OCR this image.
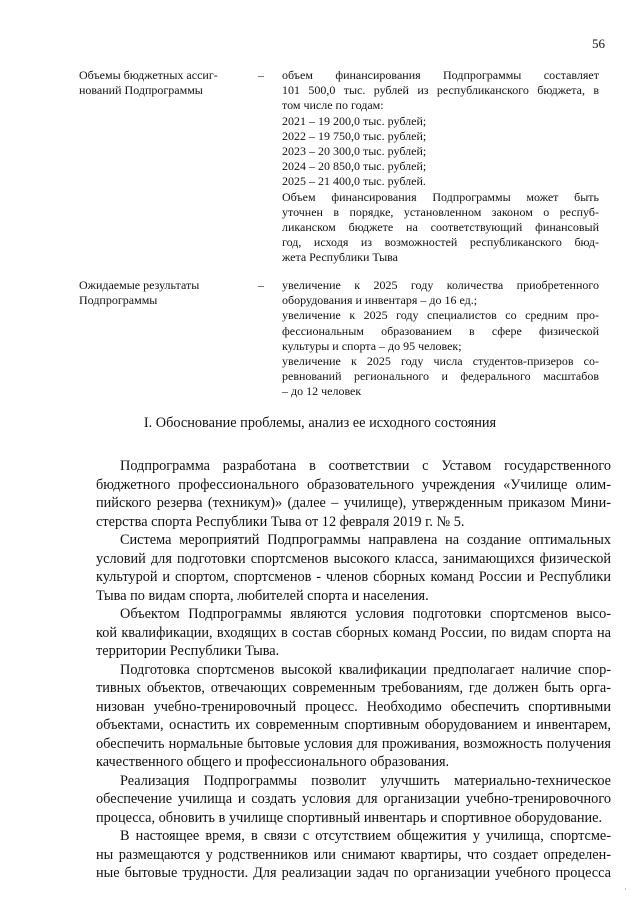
56
Объемы бюджетных ассиг-
нований Подпрограммы
– объем финансирования Подпрограммы составляет
101 500,0 тыс. рублей из республиканского бюджета, в
том числе по годам:
2021 – 19 200,0 тыс. рублей;
2022 – 19 750,0 тыс. рублей;
2023 – 20 300,0 тыс. рублей;
2024 – 20 850,0 тыс. рублей;
2025 – 21 400,0 тыс. рублей.
Объем финансирования Подпрограммы может быть
уточнен в порядке, установленном законом о респуб-
ликанском бюджете на соответствующий финансовый
год, исходя из возможностей республиканского бюд-
жета Республики Тыва
Ожидаемые результаты
Подпрограммы
– увеличение к 2025 году количества приобретенного
оборудования и инвентаря – до 16 ед.;
увеличение к 2025 году специалистов со средним про-
фессиональным образованием в сфере физической
культуры и спорта – до 95 человек;
увеличение к 2025 году числа студентов-призеров со-
ревнований регионального и федерального масштабов
– до 12 человек
I. Обоснование проблемы, анализ ее исходного состояния
Подпрограмма разработана в соответствии с Уставом государственного
бюджетного профессионального образовательного учреждения «Училище олим-
пийского резерва (техникум)» (далее – училище), утвержденным приказом Мини-
стерства спорта Республики Тыва от 12 февраля 2019 г. № 5.
Система мероприятий Подпрограммы направлена на создание оптимальных
условий для подготовки спортсменов высокого класса, занимающихся физической
культурой и спортом, спортсменов - членов сборных команд России и Республики
Тыва по видам спорта, любителей спорта и населения.
Объектом Подпрограммы являются условия подготовки спортсменов высо-
кой квалификации, входящих в состав сборных команд России, по видам спорта на
территории Республики Тыва.
Подготовка спортсменов высокой квалификации предполагает наличие спор-
тивных объектов, отвечающих современным требованиям, где должен быть орга-
низован учебно-тренировочный процесс. Необходимо обеспечить спортивными
объектами, оснастить их современным спортивным оборудованием и инвентарем,
обеспечить нормальные бытовые условия для проживания, возможность получения
качественного общего и профессионального образования.
Реализация Подпрограммы позволит улучшить материально-техническое
обеспечение училища и создать условия для организации учебно-тренировочного
процесса, обновить в училище спортивный инвентарь и спортивное оборудование.
В настоящее время, в связи с отсутствием общежития у училища, спортсме-
ны размещаются у родственников или снимают квартиры, что создает определен-
ные бытовые трудности. Для реализации задач по организации учебного процесса
·
